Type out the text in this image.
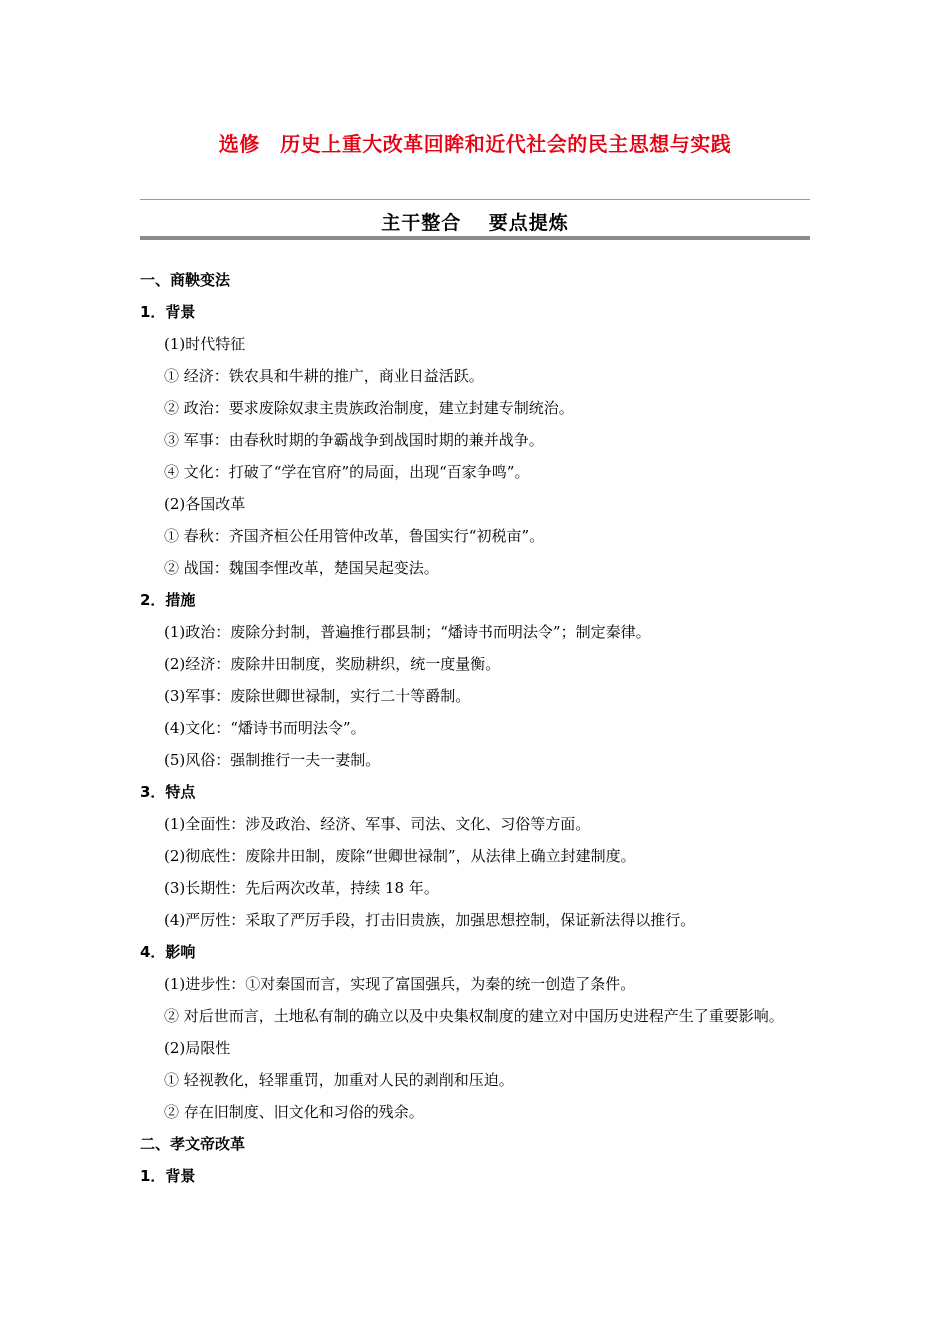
选修　历史上重大改革回眸和近代社会的民主思想与实践
主干整合　 要点提炼
一、商鞅变法
1．背景
(1)时代特征
① 经济：铁农具和牛耕的推广，商业日益活跃。
② 政治：要求废除奴隶主贵族政治制度，建立封建专制统治。
③ 军事：由春秋时期的争霸战争到战国时期的兼并战争。
④ 文化：打破了“学在官府”的局面，出现“百家争鸣”。
(2)各国改革
① 春秋：齐国齐桓公任用管仲改革，鲁国实行“初税亩”。
② 战国：魏国李悝改革，楚国吴起变法。
2．措施
(1)政治：废除分封制，普遍推行郡县制；“燔诗书而明法令”；制定秦律。
(2)经济：废除井田制度，奖励耕织，统一度量衡。
(3)军事：废除世卿世禄制，实行二十等爵制。
(4)文化：“燔诗书而明法令”。
(5)风俗：强制推行一夫一妻制。
3．特点
(1)全面性：涉及政治、经济、军事、司法、文化、习俗等方面。
(2)彻底性：废除井田制，废除“世卿世禄制”，从法律上确立封建制度。
(3)长期性：先后两次改革，持续 18 年。
(4)严厉性：采取了严厉手段，打击旧贵族，加强思想控制，保证新法得以推行。
4．影响
(1)进步性：①对秦国而言，实现了富国强兵，为秦的统一创造了条件。
② 对后世而言，土地私有制的确立以及中央集权制度的建立对中国历史进程产生了重要影响。
(2)局限性
① 轻视教化，轻罪重罚，加重对人民的剥削和压迫。
② 存在旧制度、旧文化和习俗的残余。
二、孝文帝改革
1．背景
